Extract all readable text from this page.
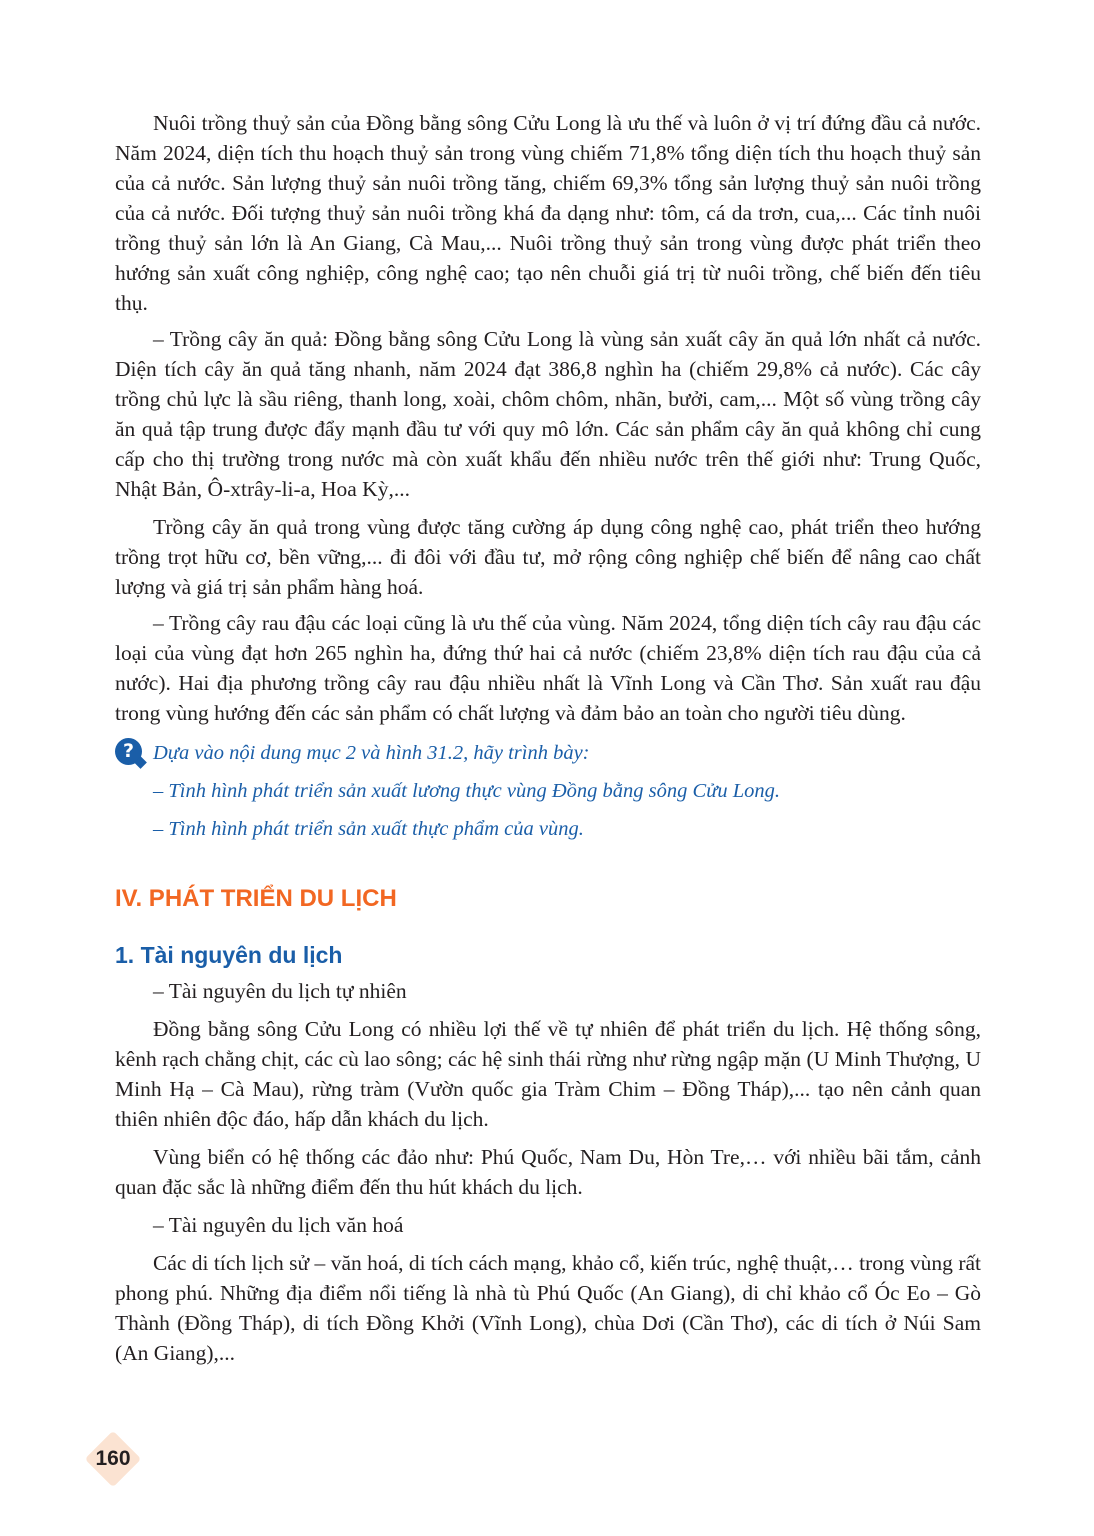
Nuôi trồng thuỷ sản của Đồng bằng sông Cửu Long là ưu thế và luôn ở vị trí đứng đầu cả nước. Năm 2024, diện tích thu hoạch thuỷ sản trong vùng chiếm 71,8% tổng diện tích thu hoạch thuỷ sản của cả nước. Sản lượng thuỷ sản nuôi trồng tăng, chiếm 69,3% tổng sản lượng thuỷ sản nuôi trồng của cả nước. Đối tượng thuỷ sản nuôi trồng khá đa dạng như: tôm, cá da trơn, cua,... Các tỉnh nuôi trồng thuỷ sản lớn là An Giang, Cà Mau,... Nuôi trồng thuỷ sản trong vùng được phát triển theo hướng sản xuất công nghiệp, công nghệ cao; tạo nên chuỗi giá trị từ nuôi trồng, chế biến đến tiêu thụ.

– Trồng cây ăn quả: Đồng bằng sông Cửu Long là vùng sản xuất cây ăn quả lớn nhất cả nước. Diện tích cây ăn quả tăng nhanh, năm 2024 đạt 386,8 nghìn ha (chiếm 29,8% cả nước). Các cây trồng chủ lực là sầu riêng, thanh long, xoài, chôm chôm, nhãn, bưởi, cam,... Một số vùng trồng cây ăn quả tập trung được đẩy mạnh đầu tư với quy mô lớn. Các sản phẩm cây ăn quả không chỉ cung cấp cho thị trường trong nước mà còn xuất khẩu đến nhiều nước trên thế giới như: Trung Quốc, Nhật Bản, Ô-xtrây-li-a, Hoa Kỳ,...

Trồng cây ăn quả trong vùng được tăng cường áp dụng công nghệ cao, phát triển theo hướng trồng trọt hữu cơ, bền vững,... đi đôi với đầu tư, mở rộng công nghiệp chế biến để nâng cao chất lượng và giá trị sản phẩm hàng hoá.

– Trồng cây rau đậu các loại cũng là ưu thế của vùng. Năm 2024, tổng diện tích cây rau đậu các loại của vùng đạt hơn 265 nghìn ha, đứng thứ hai cả nước (chiếm 23,8% diện tích rau đậu của cả nước). Hai địa phương trồng cây rau đậu nhiều nhất là Vĩnh Long và Cần Thơ. Sản xuất rau đậu trong vùng hướng đến các sản phẩm có chất lượng và đảm bảo an toàn cho người tiêu dùng.

? Dựa vào nội dung mục 2 và hình 31.2, hãy trình bày:

– Tình hình phát triển sản xuất lương thực vùng Đồng bằng sông Cửu Long.

– Tình hình phát triển sản xuất thực phẩm của vùng.

IV. PHÁT TRIỂN DU LỊCH
1. Tài nguyên du lịch

– Tài nguyên du lịch tự nhiên

Đồng bằng sông Cửu Long có nhiều lợi thế về tự nhiên để phát triển du lịch. Hệ thống sông, kênh rạch chằng chịt, các cù lao sông; các hệ sinh thái rừng như rừng ngập mặn (U Minh Thượng, U Minh Hạ – Cà Mau), rừng tràm (Vườn quốc gia Tràm Chim – Đồng Tháp),... tạo nên cảnh quan thiên nhiên độc đáo, hấp dẫn khách du lịch.

Vùng biển có hệ thống các đảo như: Phú Quốc, Nam Du, Hòn Tre,… với nhiều bãi tắm, cảnh quan đặc sắc là những điểm đến thu hút khách du lịch.

– Tài nguyên du lịch văn hoá

Các di tích lịch sử – văn hoá, di tích cách mạng, khảo cổ, kiến trúc, nghệ thuật,… trong vùng rất phong phú. Những địa điểm nổi tiếng là nhà tù Phú Quốc (An Giang), di chỉ khảo cổ Óc Eo – Gò Thành (Đồng Tháp), di tích Đồng Khởi (Vĩnh Long), chùa Dơi (Cần Thơ), các di tích ở Núi Sam (An Giang),...

160
